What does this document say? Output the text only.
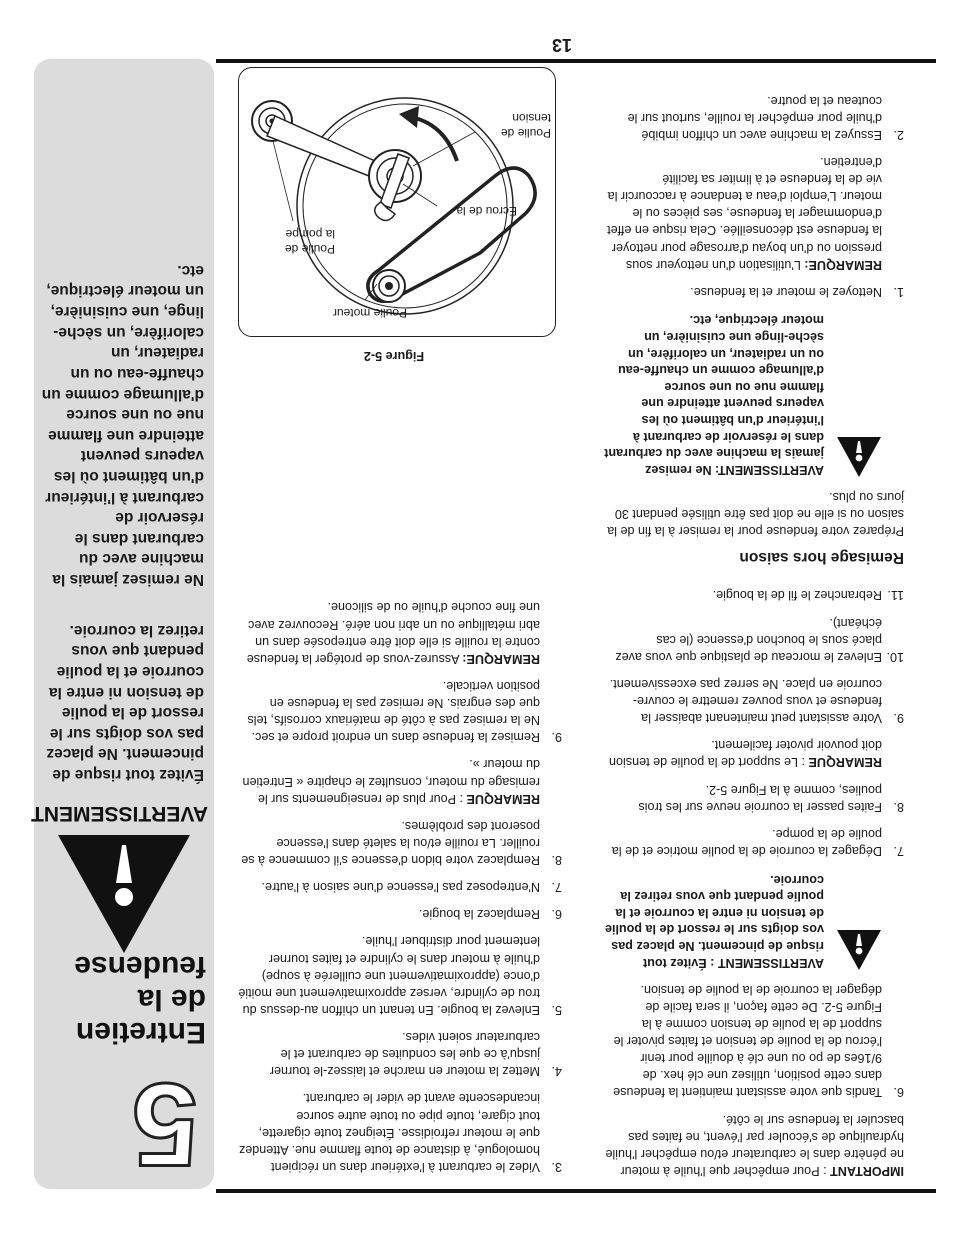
5
Entretien de la feudense
AVERTISSEMENT

Évitez tout risque de pincement. Ne placez pas vos doigts sur le ressort de la poulie de tension ni entre la courroie et la poulie pendant que vous retirez la courroie.

Ne remisez jamais la machine avec du carburant dans le réservoir de carburant à l'intérieur d'un bâtiment où les vapeurs peuvent atteindre une flamme nue ou une source d'allumage comme un chauffe-eau ou un radiateur, un calorifère, un sèche-linge, une cuisinière, un moteur électrique, etc.

13

IMPORTANT : Pour empêcher que l'huile à moteur ne pénètre dans le carburateur et/ou empêcher l'huile hydraulique de s'écouler par l'évent, ne faites pas basculer la fendeuse sur le côté.

6.
Tandis que votre assistant maintient la fendeuse dans cette position, utilisez une clé hex. de 9/16es de po ou une clé à douille pour tenir l'écrou de la poulie de tension et faites pivoter le support de la poulie de tension comme à la Figure 5-2. De cette façon, il sera facile de dégager la courroie de la poulie de tension.
AVERTISSEMENT : Évitez tout risque de pincement. Ne placez pas vos doigts sur le ressort de la poulie de tension ni entre la courroie et la poulie pendant que vous retirez la courroie.
7.
Dégagez la courroie de la poulie motrice et de la poulie de la pompe.
8.
Faites passer la courroie neuve sur les trois poulies, comme à la Figure 5-2.

REMARQUE : Le support de la poulie de tension doit pouvoir pivoter facilement.

9.
Votre assistant peut maintenant abaisser la fendeuse et vous pouvez remettre le couvre-courroie en place. Ne serrez pas excessivement.
10.
Enlevez le morceau de plastique que vous avez placé sous le bouchon d'essence (le cas échéant).
11.
Rebranchez le fil de la bougie.
Remisage hors saison

Préparez votre fendeuse pour la remiser à la fin de la saison ou si elle ne doit pas être utilisée pendant 30 jours ou plus.

AVERTISSEMENT: Ne remisez jamais la machine avec du carburant dans le réservoir de carburant à l'intérieur d'un bâtiment où les vapeurs peuvent atteindre une flamme nue ou une source d'allumage comme un chauffe-eau ou un radiateur, un calorifère, un sèche-linge une cuisinière, un moteur électrique, etc.
1.
Nettoyez le moteur et la fendeuse.

REMARQUE: L'utilisation d'un nettoyeur sous pression ou d'un boyau d'arrosage pour nettoyer la fendeuse est déconseillée. Cela risque en effet d'endommager la fendeuse, ses pièces ou le moteur. L'emploi d'eau a tendance à raccourcir la vie de la fendeuse et à limiter sa facilité d'entretien.

2.
Essuyez la machine avec un chiffon imbibé d'huile pour empêcher la rouille, surtout sur le couteau et la poutre.
3.
Videz le carburant à l'extérieur dans un récipient homologué, à distance de toute flamme nue. Attendez que le moteur refroidisse. Éteignez toute cigarette, tout cigare, toute pipe ou toute autre source incandescente avant de vider le carburant.
4.
Mettez la moteur en marche et laissez-le tourner jusqu'à ce que les conduites de carburant et le carburateur soient vides.
5.
Enlevez la bougie. En tenant un chiffon au-dessus du trou de cylindre, versez approximativement une moitié d'once (approximativement une cuillerée à soupe) d'huile à moteur dans le cylindre et faites tourner lentement pour distribuer l'huile.
6.
Remplacez la bougie.
7.
N'entreposez pas l'essence d'une saison à l'autre.
8.
Remplacez votre bidon d'essence s'il commence à se rouiller. La rouille et/ou la saleté dans l'essence poseront des problèmes.

REMARQUE : Pour plus de renseignements sur le remisage du moteur, consultez le chapitre « Entretien du moteur ».

9.
Remisez la fendeuse dans un endroit propre et sec. Ne la remisez pas à côté de matériaux corrosifs, tels que des engrais. Ne remisez pas la fendeuse en position verticale.

REMARQUE: Assurez-vous de protéger la fendeuse contre la rouille si elle doit être entreposée dans un abri métallique ou un abri non aéré. Recouvrez avec une fine couche d'huile ou de silicone.

Figure 5-2
Poulie moteur
Poulie de la pompe
Écrou de la
Poulie de tension
